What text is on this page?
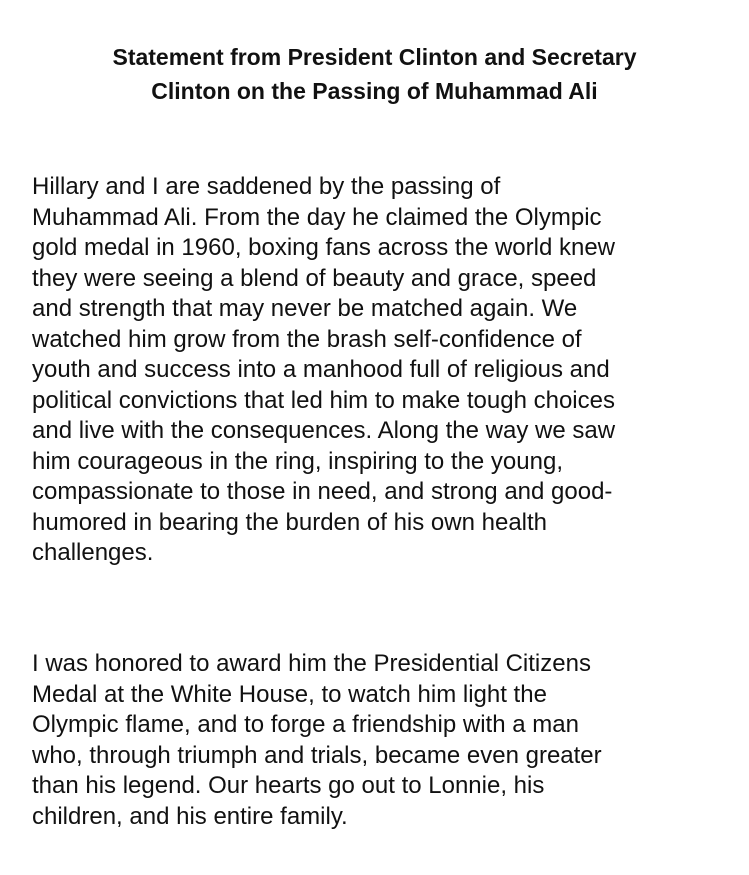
Statement from President Clinton and Secretary
Clinton on the Passing of Muhammad Ali

Hillary and I are saddened by the passing of
Muhammad Ali. From the day he claimed the Olympic
gold medal in 1960, boxing fans across the world knew
they were seeing a blend of beauty and grace, speed
and strength that may never be matched again. We
watched him grow from the brash self-confidence of
youth and success into a manhood full of religious and
political convictions that led him to make tough choices
and live with the consequences. Along the way we saw
him courageous in the ring, inspiring to the young,
compassionate to those in need, and strong and good-
humored in bearing the burden of his own health
challenges.

I was honored to award him the Presidential Citizens
Medal at the White House, to watch him light the
Olympic flame, and to forge a friendship with a man
who, through triumph and trials, became even greater
than his legend. Our hearts go out to Lonnie, his
children, and his entire family.
